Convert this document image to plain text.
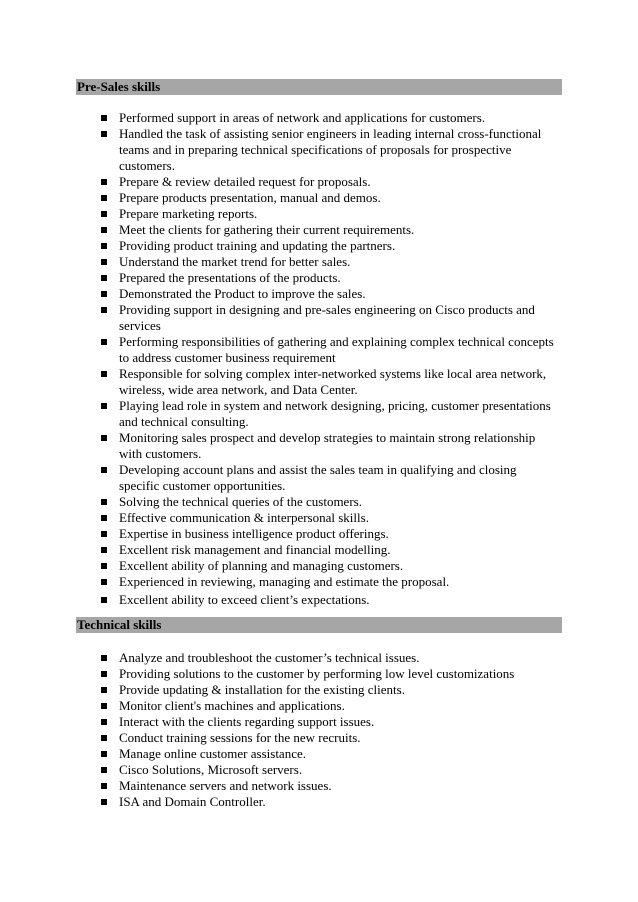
Pre-Sales skills
Performed support in areas of network and applications for customers.
Handled the task of assisting senior engineers in leading internal cross-functional teams and in preparing technical specifications of proposals for prospective customers.
Prepare & review detailed request for proposals.
Prepare products presentation, manual and demos.
Prepare marketing reports.
Meet the clients for gathering their current requirements.
Providing product training and updating the partners.
Understand the market trend for better sales.
Prepared the presentations of the products.
Demonstrated the Product to improve the sales.
Providing support in designing and pre-sales engineering on Cisco products and services
Performing responsibilities of gathering and explaining complex technical concepts to address customer business requirement
Responsible for solving complex inter-networked systems like local area network, wireless, wide area network, and Data Center.
Playing lead role in system and network designing, pricing, customer presentations and technical consulting.
Monitoring sales prospect and develop strategies to maintain strong relationship with customers.
Developing account plans and assist the sales team in qualifying and closing specific customer opportunities.
Solving the technical queries of the customers.
Effective communication & interpersonal skills.
Expertise in business intelligence product offerings.
Excellent risk management and financial modelling.
Excellent ability of planning and managing customers.
Experienced in reviewing, managing and estimate the proposal.
Excellent ability to exceed client’s expectations.
Technical skills
Analyze and troubleshoot the customer’s technical issues.
Providing solutions to the customer by performing low level customizations
Provide updating & installation for the existing clients.
Monitor client's machines and applications.
Interact with the clients regarding support issues.
Conduct training sessions for the new recruits.
Manage online customer assistance.
Cisco Solutions, Microsoft servers.
Maintenance servers and network issues.
ISA and Domain Controller.
